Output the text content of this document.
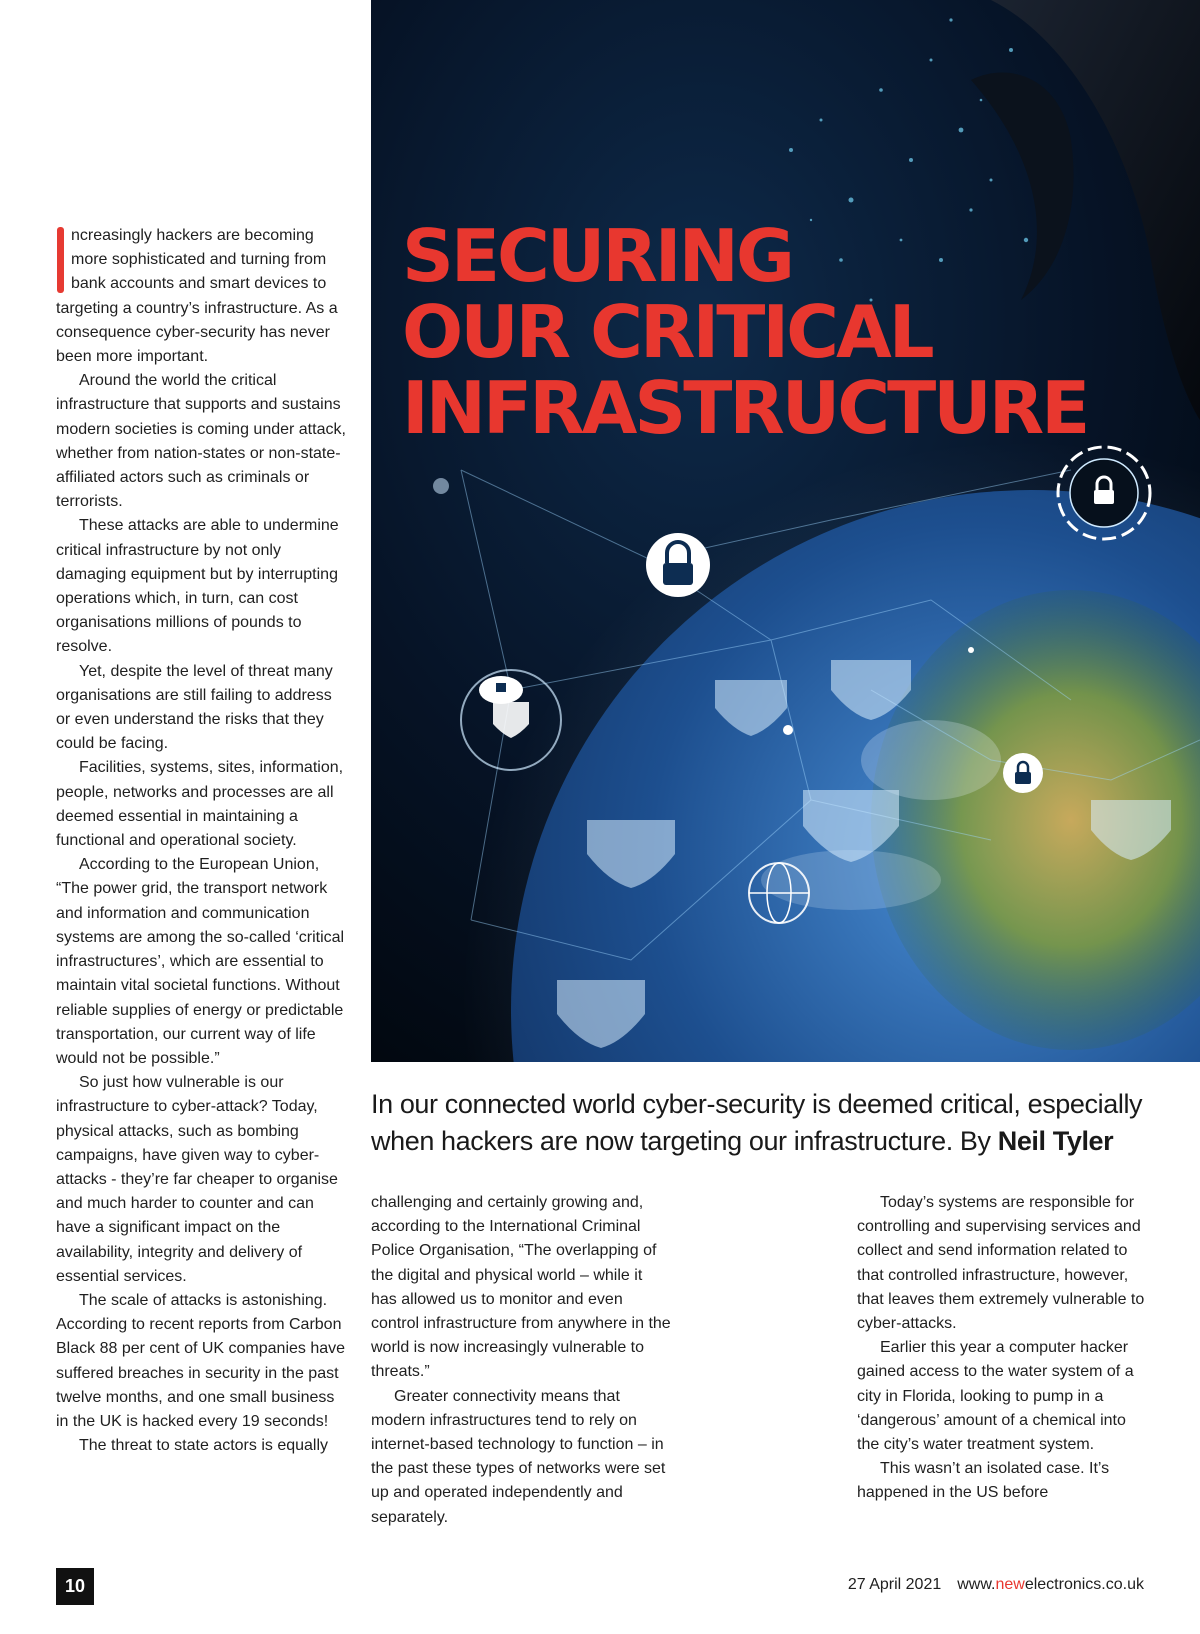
ncreasingly hackers are becoming more sophisticated and turning from bank accounts and smart devices to targeting a country’s infrastructure. As a consequence cyber-security has never been more important.

Around the world the critical infrastructure that supports and sustains modern societies is coming under attack, whether from nation-states or non-state-affiliated actors such as criminals or terrorists.

These attacks are able to undermine critical infrastructure by not only damaging equipment but by interrupting operations which, in turn, can cost organisations millions of pounds to resolve.

Yet, despite the level of threat many organisations are still failing to address or even understand the risks that they could be facing.

Facilities, systems, sites, information, people, networks and processes are all deemed essential in maintaining a functional and operational society.

According to the European Union, “The power grid, the transport network and information and communication systems are among the so-called ‘critical infrastructures’, which are essential to maintain vital societal functions. Without reliable supplies of energy or predictable transportation, our current way of life would not be possible.”

So just how vulnerable is our infrastructure to cyber-attack? Today, physical attacks, such as bombing campaigns, have given way to cyber-attacks - they’re far cheaper to organise and much harder to counter and can have a significant impact on the availability, integrity and delivery of essential services.

The scale of attacks is astonishing. According to recent reports from Carbon Black 88 per cent of UK companies have suffered breaches in security in the past twelve months, and one small business in the UK is hacked every 19 seconds!

The threat to state actors is equally

SECURING
OUR CRITICAL
INFRASTRUCTURE

In our connected world cyber-security is deemed critical, especially when hackers are now targeting our infrastructure. By Neil Tyler

challenging and certainly growing and, according to the International Criminal Police Organisation, “The overlapping of the digital and physical world – while it has allowed us to monitor and even control infrastructure from anywhere in the world is now increasingly vulnerable to threats.”

Greater connectivity means that modern infrastructures tend to rely on internet-based technology to function – in the past these types of networks were set up and operated independently and separately.

Today’s systems are responsible for controlling and supervising services and collect and send information related to that controlled infrastructure, however, that leaves them extremely vulnerable to cyber-attacks.

Earlier this year a computer hacker gained access to the water system of a city in Florida, looking to pump in a ‘dangerous’ amount of a chemical into the city’s water treatment system.

This wasn’t an isolated case. It’s happened in the US before

10	27 April 2021 www.newelectronics.co.uk
